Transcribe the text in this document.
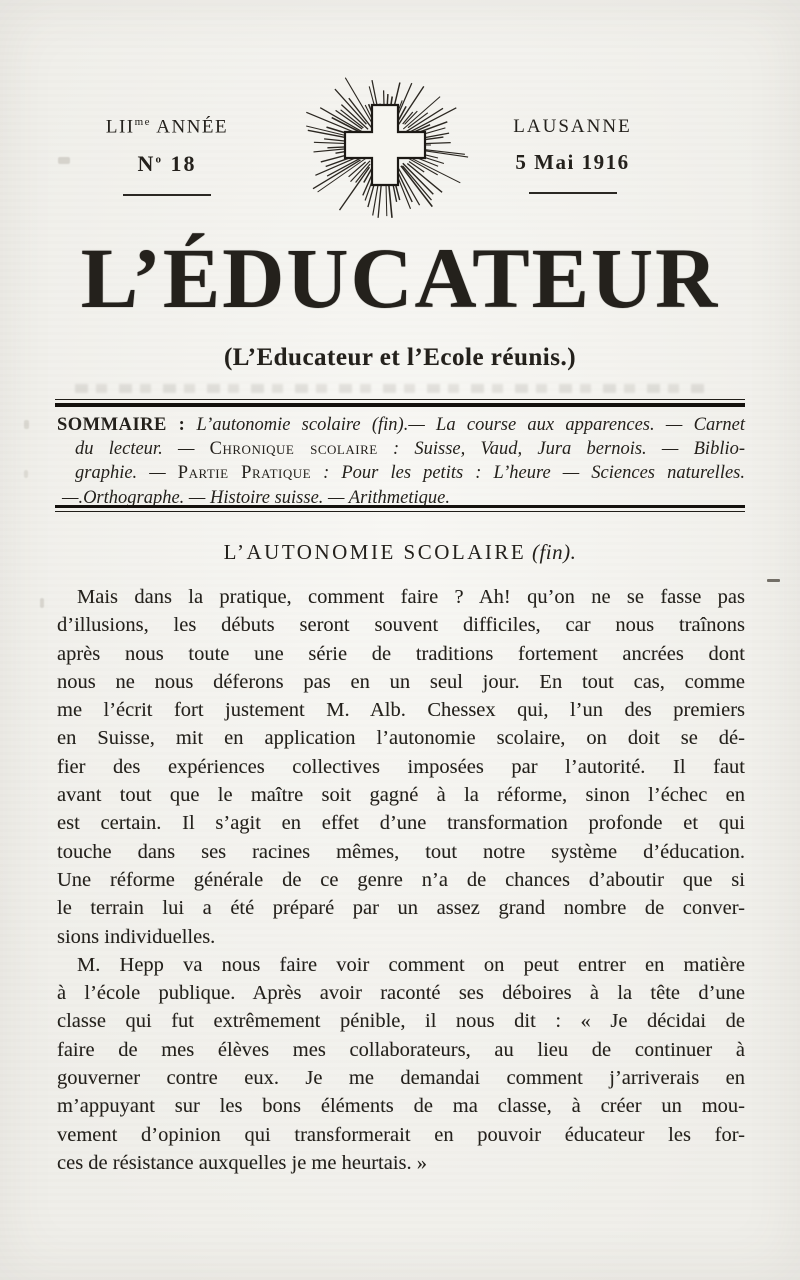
$LII^{me}$ ANNÉE
$N^o$ 18
LAUSANNE
5 Mai 1916
L’ÉDUCATEUR
(L’Educateur et l’Ecole réunis.)
SOMMAIRE : L’autonomie scolaire (fin).— La course aux apparences. — Carnet
du lecteur. — Chronique scolaire : Suisse, Vaud, Jura bernois. — Biblio-
graphie. — Partie Pratique : Pour les petits : L’heure — Sciences naturelles.
—.Orthographe. — Histoire suisse. — Arithmetique.
L’AUTONOMIE SCOLAIRE (fin).
Mais dans la pratique, comment faire ? Ah! qu’on ne se fasse pas
d’illusions, les débuts seront souvent difficiles, car nous traînons
après nous toute une série de traditions fortement ancrées dont
nous ne nous déferons pas en un seul jour. En tout cas, comme
me l’écrit fort justement M. Alb. Chessex qui, l’un des premiers
en Suisse, mit en application l’autonomie scolaire, on doit se dé-
fier des expériences collectives imposées par l’autorité. Il faut
avant tout que le maître soit gagné à la réforme, sinon l’échec en
est certain. Il s’agit en effet d’une transformation profonde et qui
touche dans ses racines mêmes, tout notre système d’éducation.
Une réforme générale de ce genre n’a de chances d’aboutir que si
le terrain lui a été préparé par un assez grand nombre de conver-
sions individuelles.
M. Hepp va nous faire voir comment on peut entrer en matière
à l’école publique. Après avoir raconté ses déboires à la tête d’une
classe qui fut extrêmement pénible, il nous dit : « Je décidai de
faire de mes élèves mes collaborateurs, au lieu de continuer à
gouverner contre eux. Je me demandai comment j’arriverais en
m’appuyant sur les bons éléments de ma classe, à créer un mou-
vement d’opinion qui transformerait en pouvoir éducateur les for-
ces de résistance auxquelles je me heurtais. »
